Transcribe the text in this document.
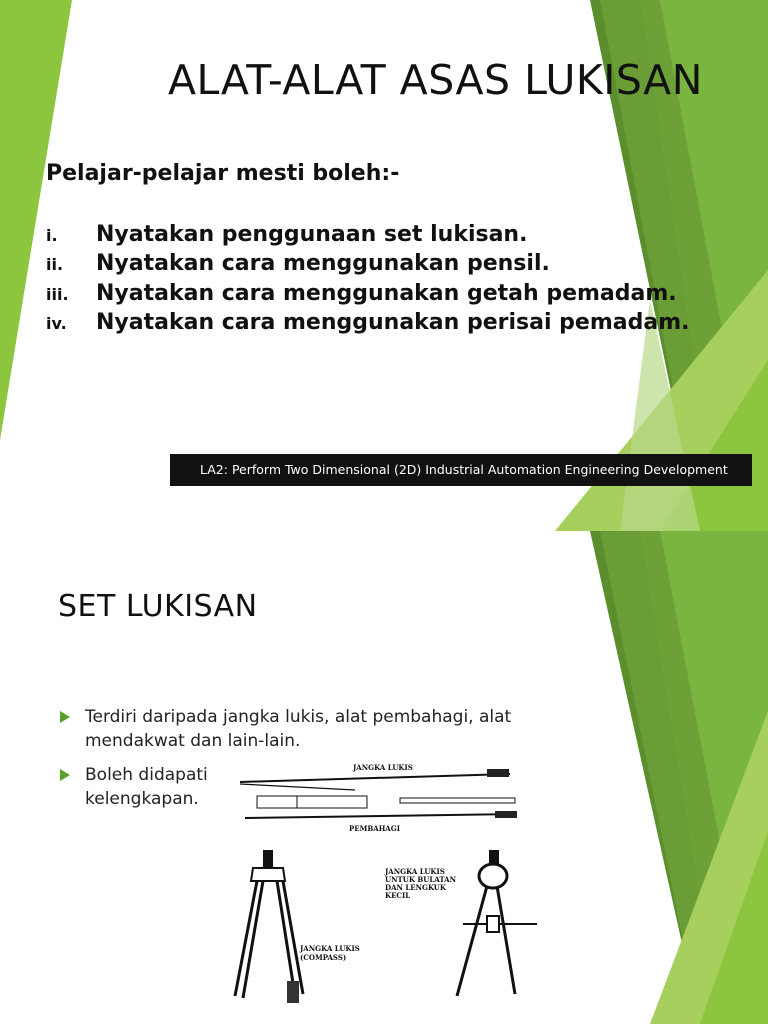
ALAT-ALAT ASAS LUKISAN

Pelajar-pelajar mesti boleh:-

i. Nyatakan penggunaan set lukisan.
ii. Nyatakan cara menggunakan pensil.
iii. Nyatakan cara menggunakan getah pemadam.
iv. Nyatakan cara menggunakan perisai pemadam.
LA2: Perform Two Dimensional (2D) Industrial Automation Engineering Development
SET LUKISAN
Terdiri daripada jangka lukis, alat pembahagi, alat
mendakwat dan lain-lain.
Boleh didapati
kelengkapan.
JANGKA LUKIS
PEMBAHAGI
JANGKA LUKIS
(COMPASS)
JANGKA LUKIS
UNTUK BULATAN
DAN LENGKUK
KECIL
